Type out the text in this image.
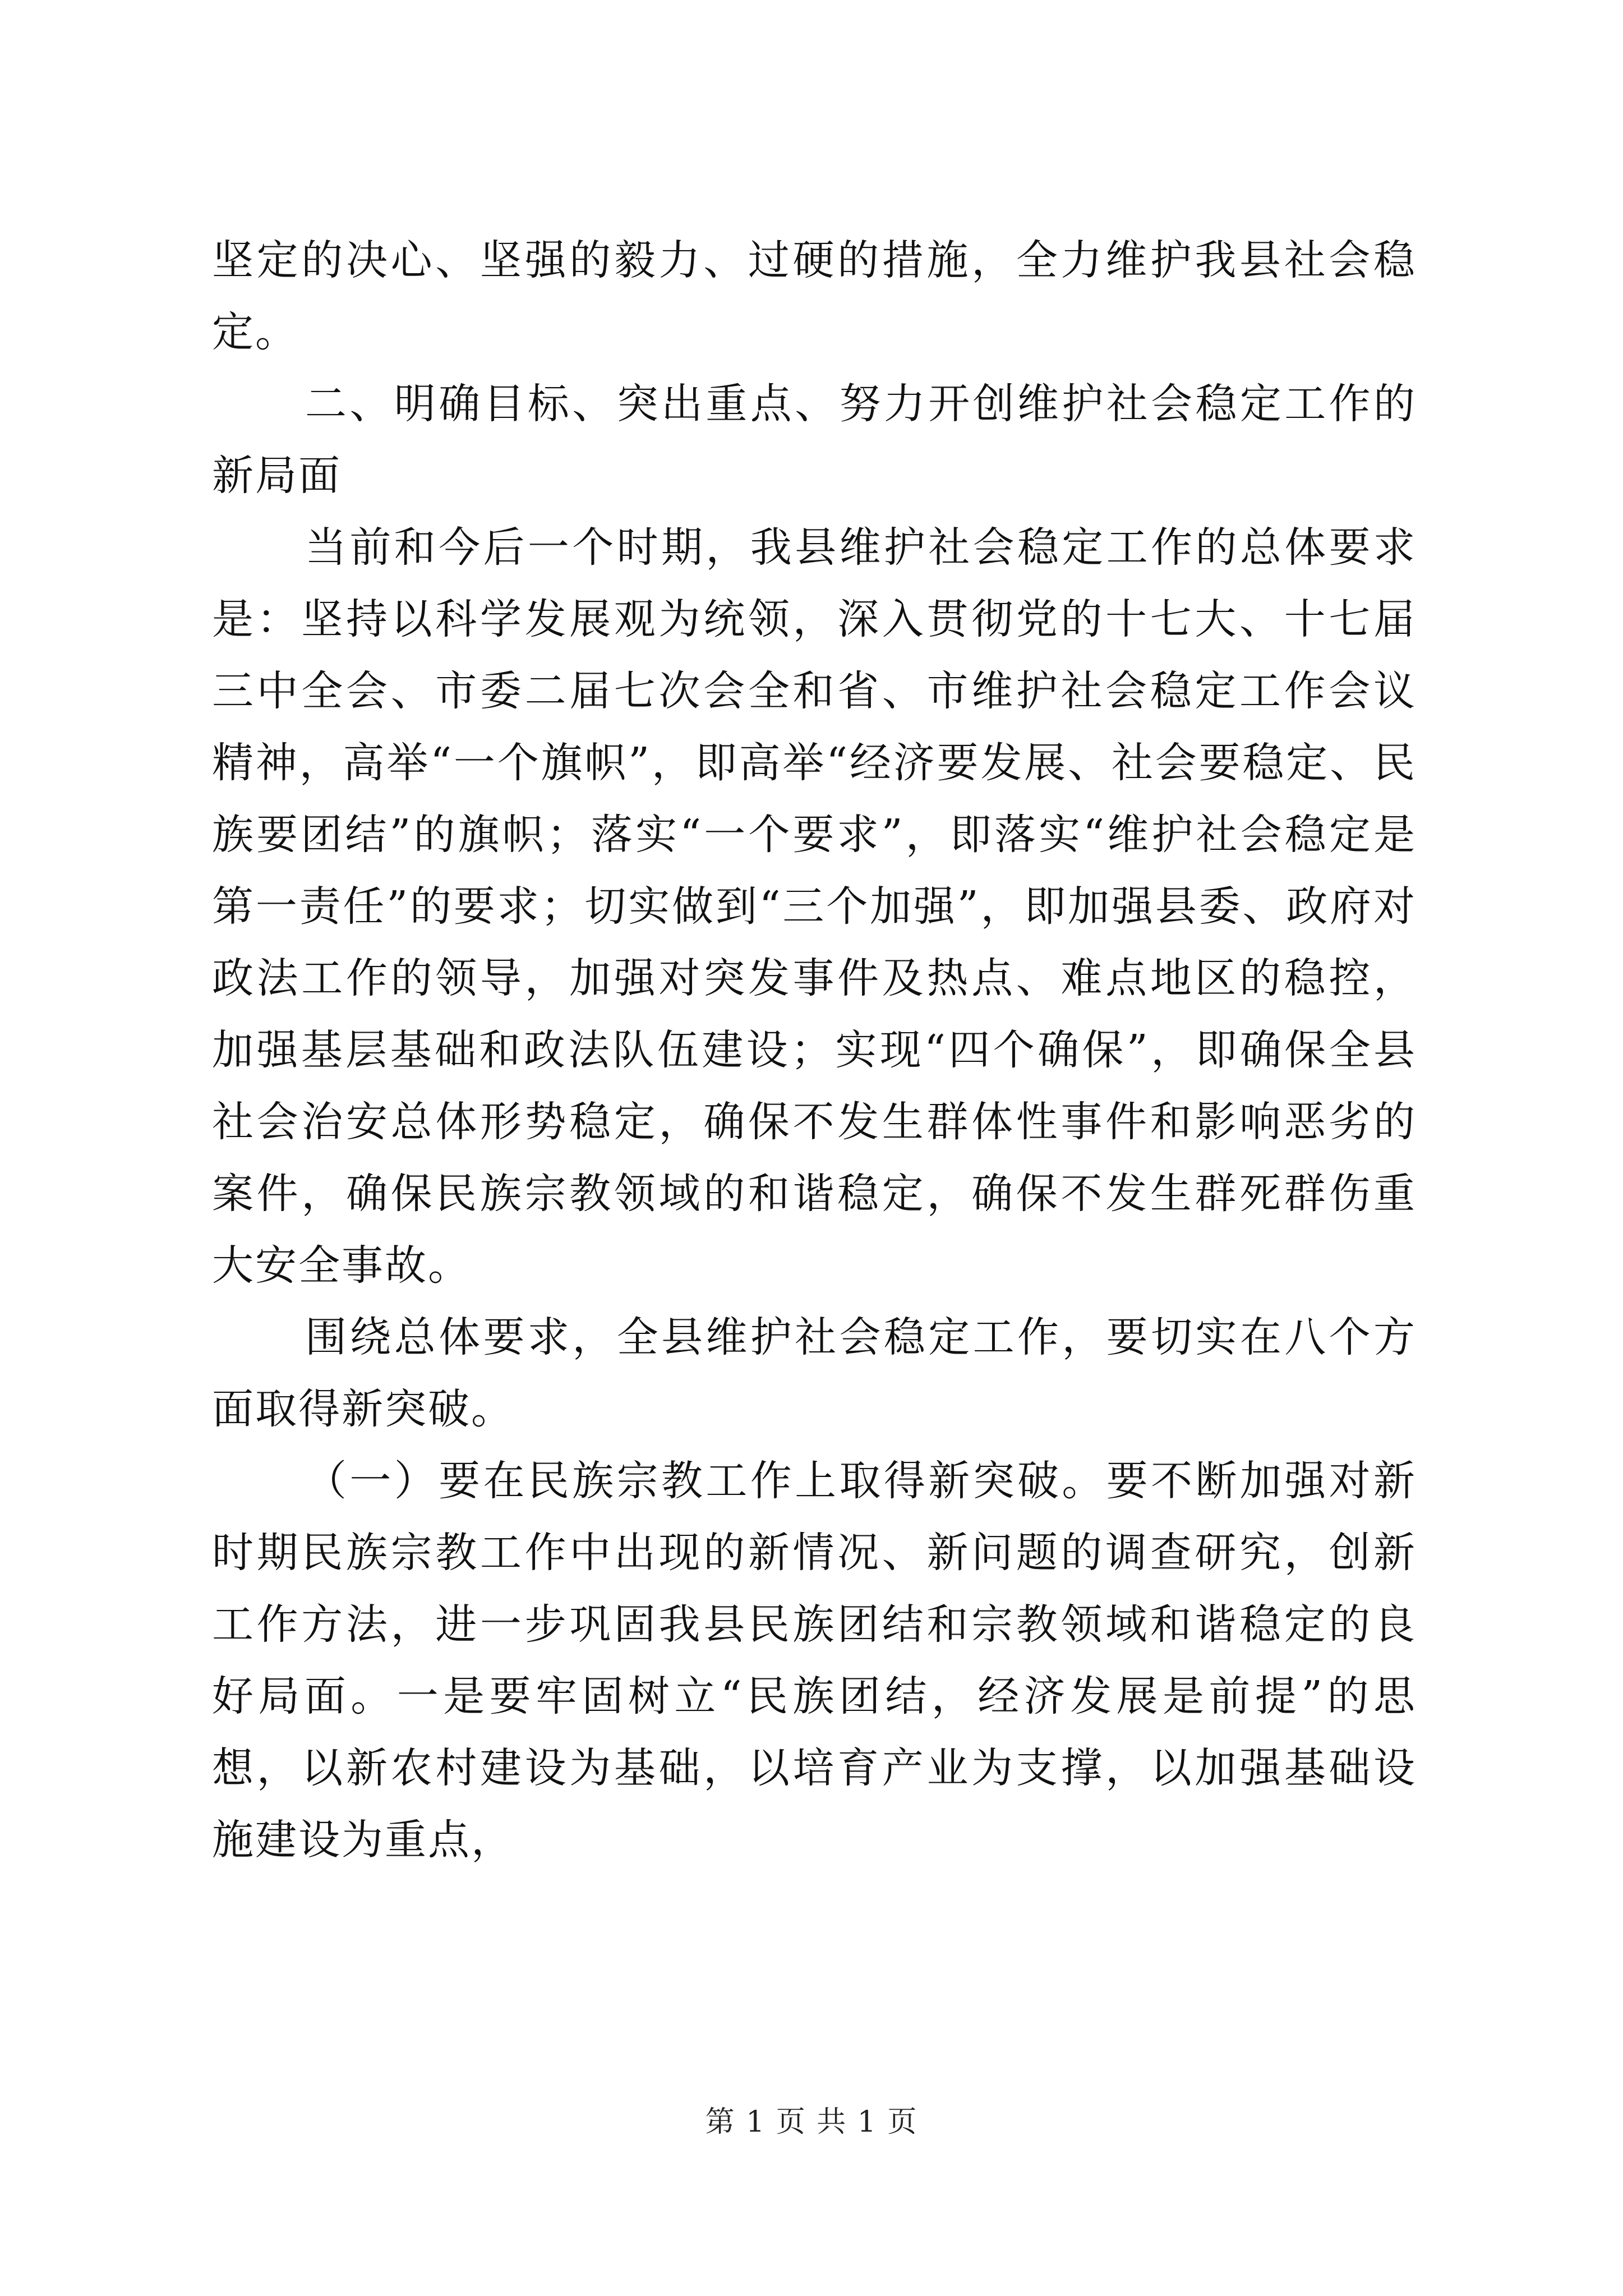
坚定的决心、坚强的毅力、过硬的措施，全力维护我县社会稳定。

二、明确目标、突出重点、努力开创维护社会稳定工作的新局面

当前和今后一个时期，我县维护社会稳定工作的总体要求是：坚持以科学发展观为统领，深入贯彻党的十七大、十七届三中全会、市委二届七次会全和省、市维护社会稳定工作会议精神，高举“一个旗帜”，即高举“经济要发展、社会要稳定、民族要团结”的旗帜；落实“一个要求”，即落实“维护社会稳定是第一责任”的要求；切实做到“三个加强”，即加强县委、政府对政法工作的领导，加强对突发事件及热点、难点地区的稳控，加强基层基础和政法队伍建设；实现“四个确保”，即确保全县社会治安总体形势稳定，确保不发生群体性事件和影响恶劣的案件，确保民族宗教领域的和谐稳定，确保不发生群死群伤重大安全事故。

围绕总体要求，全县维护社会稳定工作，要切实在八个方面取得新突破。

（一）要在民族宗教工作上取得新突破。要不断加强对新时期民族宗教工作中出现的新情况、新问题的调查研究，创新工作方法，进一步巩固我县民族团结和宗教领域和谐稳定的良好局面。一是要牢固树立“民族团结，经济发展是前提”的思想，以新农村建设为基础，以培育产业为支撑，以加强基础设施建设为重点，

第 1 页 共 1 页
